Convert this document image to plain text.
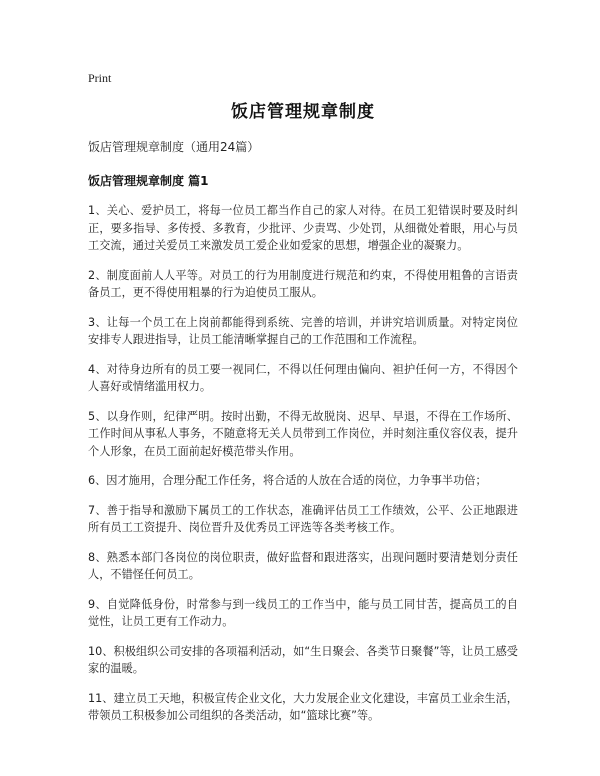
Print
饭店管理规章制度
饭店管理规章制度（通用24篇）
饭店管理规章制度 篇1

1、关心、爱护员工，将每一位员工都当作自己的家人对待。在员工犯错误时要及时纠正，要多指导、多传授、多教育，少批评、少责骂、少处罚，从细微处着眼，用心与员工交流，通过关爱员工来激发员工爱企业如爱家的思想，增强企业的凝聚力。

2、制度面前人人平等。对员工的行为用制度进行规范和约束，不得使用粗鲁的言语责备员工，更不得使用粗暴的行为迫使员工服从。

3、让每一个员工在上岗前都能得到系统、完善的培训，并讲究培训质量。对特定岗位安排专人跟进指导，让员工能清晰掌握自己的工作范围和工作流程。

4、对待身边所有的员工要一视同仁，不得以任何理由偏向、袒护任何一方，不得因个人喜好或情绪滥用权力。

5、以身作则，纪律严明。按时出勤，不得无故脱岗、迟早、早退，不得在工作场所、工作时间从事私人事务，不随意将无关人员带到工作岗位，并时刻注重仪容仪表，提升个人形象，在员工面前起好模范带头作用。

6、因才施用，合理分配工作任务，将合适的人放在合适的岗位，力争事半功倍；

7、善于指导和激励下属员工的工作状态，准确评估员工工作绩效，公平、公正地跟进所有员工工资提升、岗位晋升及优秀员工评选等各类考核工作。

8、熟悉本部门各岗位的岗位职责，做好监督和跟进落实，出现问题时要清楚划分责任人，不错怪任何员工。

9、自觉降低身份，时常参与到一线员工的工作当中，能与员工同甘苦，提高员工的自觉性，让员工更有工作动力。

10、积极组织公司安排的各项福利活动，如“生日聚会、各类节日聚餐”等，让员工感受家的温暖。

11、建立员工天地，积极宣传企业文化，大力发展企业文化建设，丰富员工业余生活，带领员工积极参加公司组织的各类活动，如“篮球比赛”等。
